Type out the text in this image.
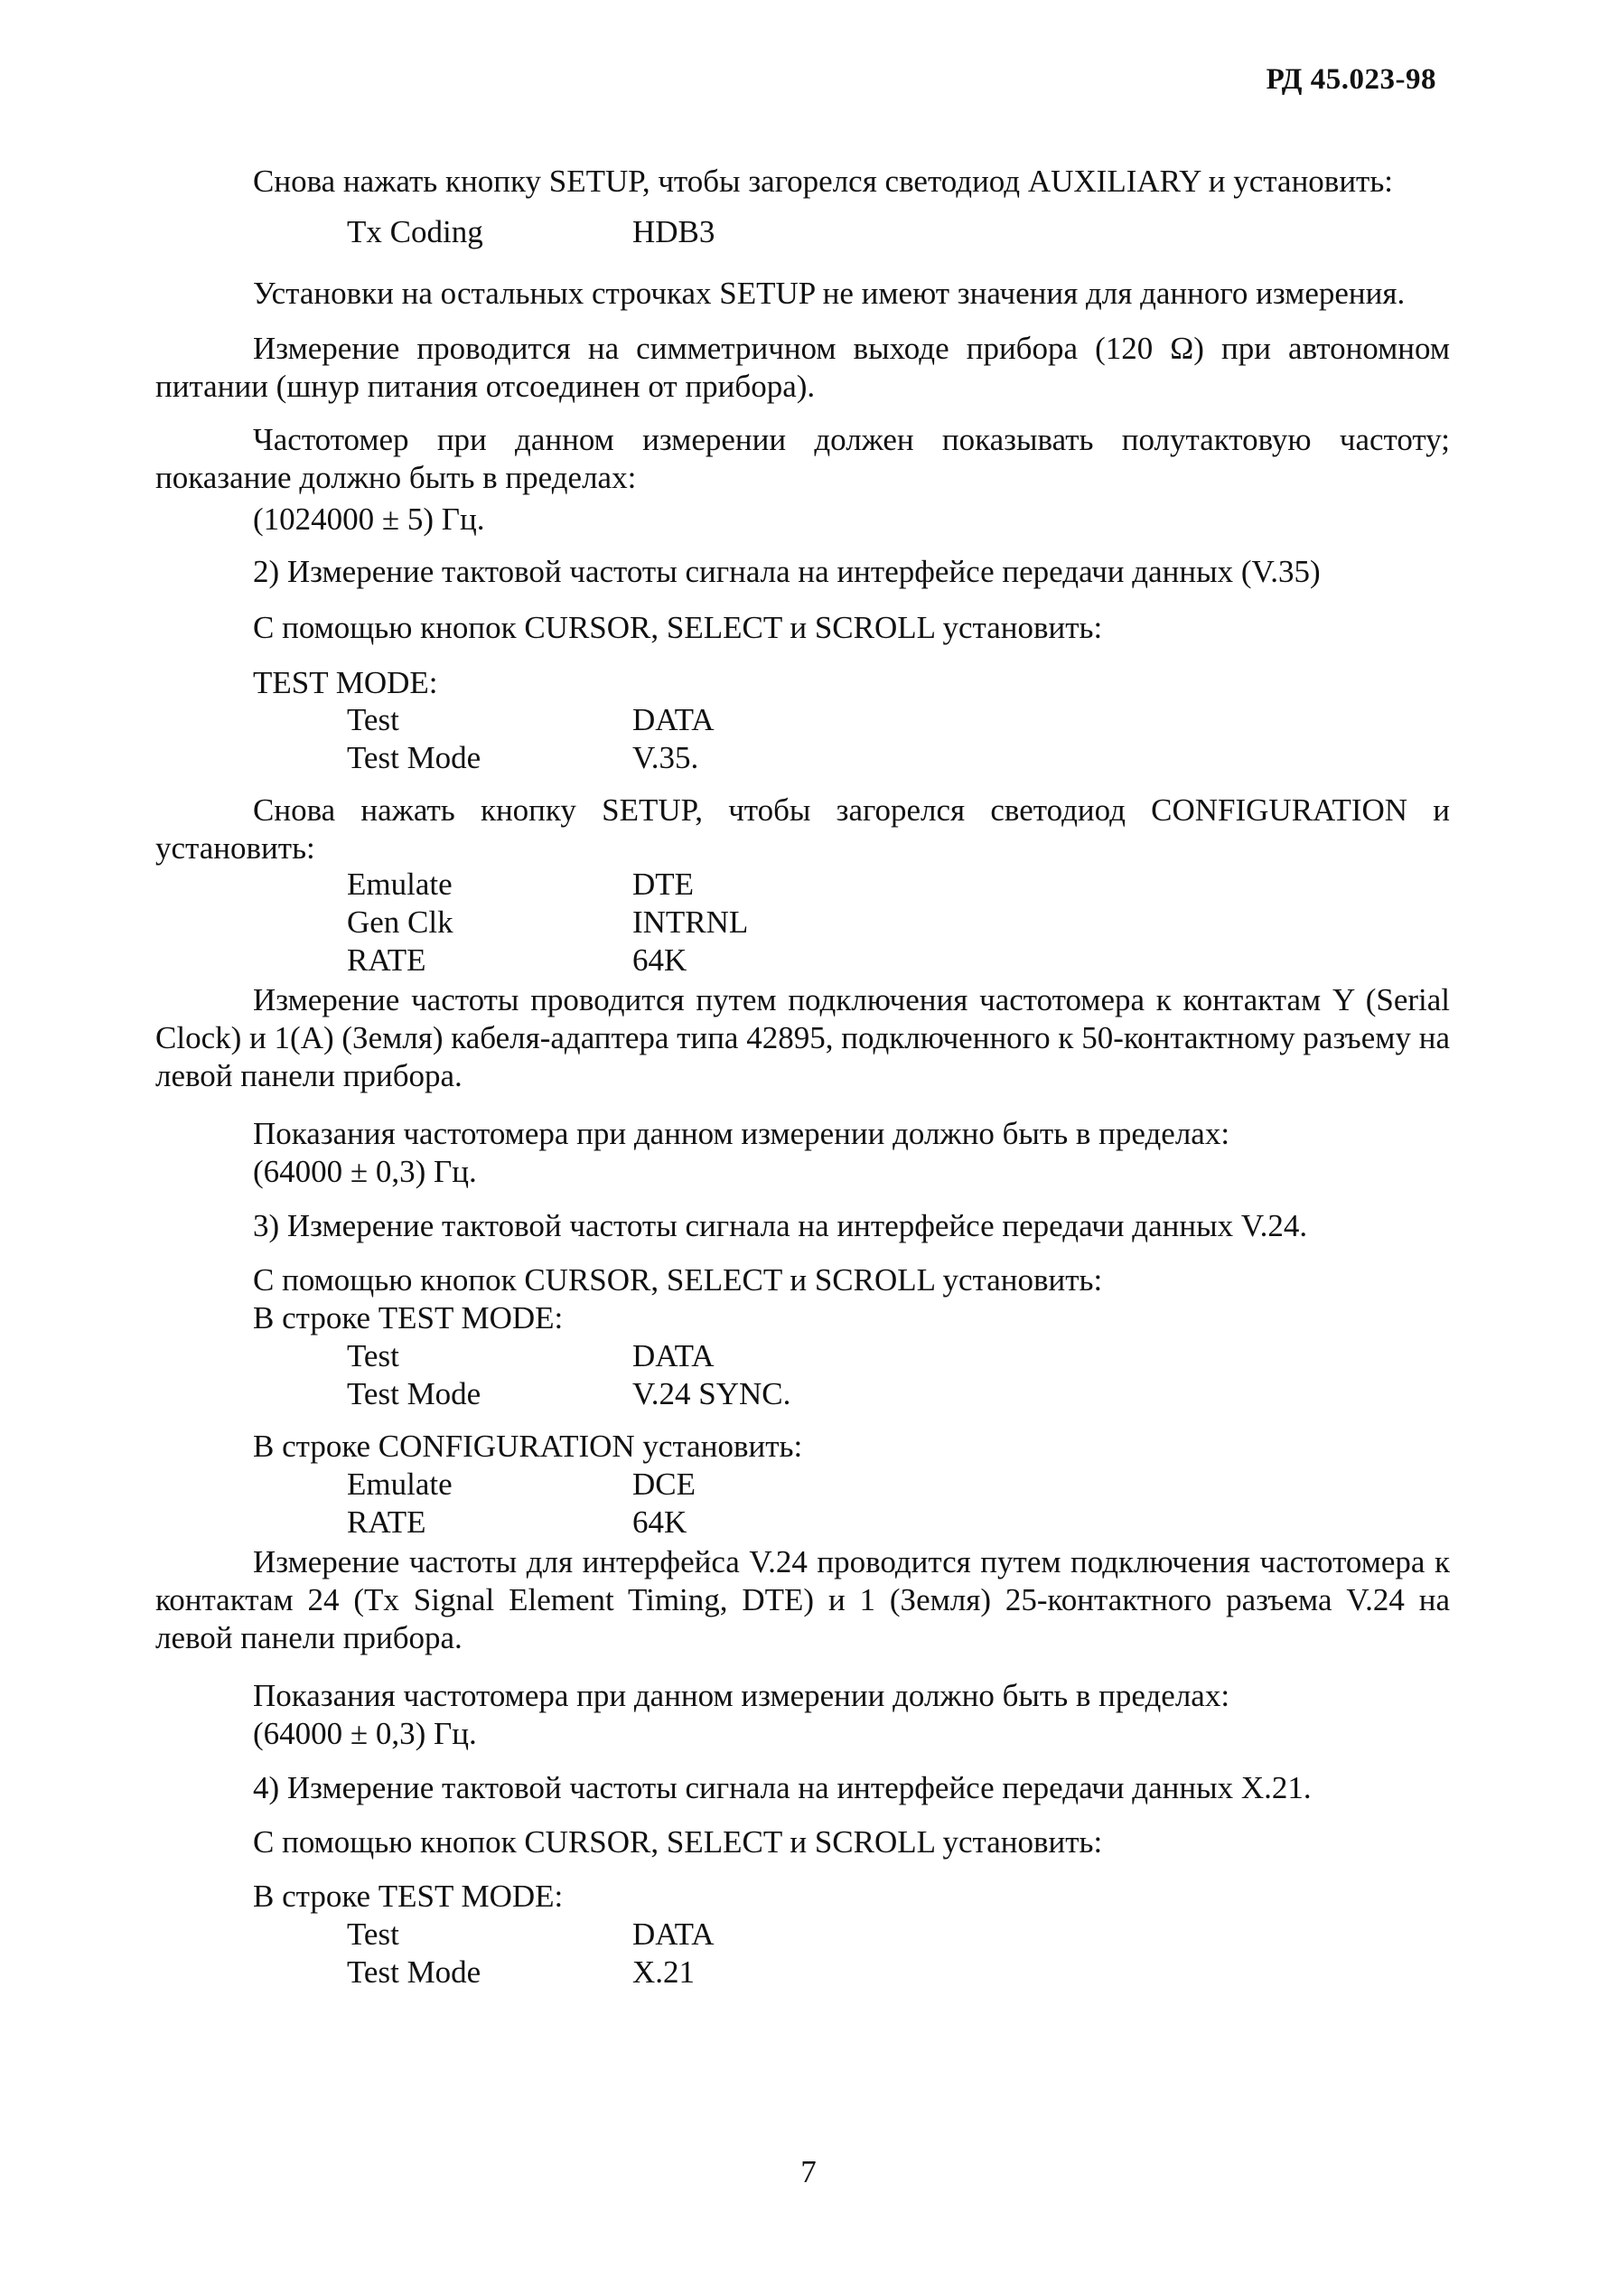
РД 45.023-98
Снова нажать кнопку SETUP, чтобы загорелся светодиод AUXILIARY и установить:
Tx Coding	HDB3
Установки на остальных строчках SETUP не имеют значения для данного измерения.
Измерение проводится на симметричном выходе прибора (120 Ω) при автономном питании (шнур питания отсоединен от прибора).
Частотомер при данном измерении должен показывать полутактовую частоту; показание должно быть в пределах:
(1024000 ± 5) Гц.
2) Измерение тактовой частоты сигнала на интерфейсе передачи данных (V.35)
С помощью кнопок CURSOR, SELECT и SCROLL установить:
TEST MODE:
Test	DATA
Test Mode	V.35.
Снова нажать кнопку SETUP, чтобы загорелся светодиод CONFIGURATION и установить:
Emulate	DTE
Gen Clk	INTRNL
RATE	64K
Измерение частоты проводится путем подключения частотомера к контактам Y (Serial Clock) и 1(A) (Земля) кабеля-адаптера типа 42895, подключенного к 50-контактному разъему на левой панели прибора.
Показания частотомера при данном измерении должно быть в пределах:
(64000 ± 0,3) Гц.
3) Измерение тактовой частоты сигнала на интерфейсе передачи данных V.24.
С помощью кнопок CURSOR, SELECT и SCROLL установить:
В строке TEST MODE:
Test	DATA
Test Mode	V.24 SYNC.
В строке CONFIGURATION установить:
Emulate	DCE
RATE	64K
Измерение частоты для интерфейса V.24 проводится путем подключения частотомера к контактам 24 (Tx Signal Element Timing, DTE) и 1 (Земля) 25-контактного разъема V.24 на левой панели прибора.
Показания частотомера при данном измерении должно быть в пределах:
(64000 ± 0,3) Гц.
4) Измерение тактовой частоты сигнала на интерфейсе передачи данных X.21.
С помощью кнопок CURSOR, SELECT и SCROLL установить:
В строке TEST MODE:
Test	DATA
Test Mode	X.21
7
